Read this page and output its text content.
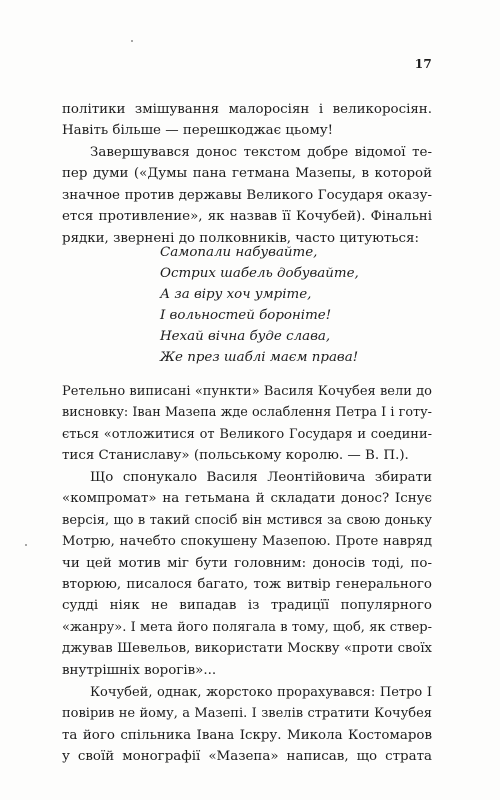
17

політики змішування малоросіян і великоросіян.

Навіть більше — перешкоджає цьому!

Завершувався донос текстом добре відомої те-

пер думи («Думы пана гетмана Мазепы, в которой

значное против державы Великого Государя оказу-

ется противление», як назвав її Кочубей). Фінальні

рядки, звернені до полковників, часто цитуються:

Самопали набувайте,

Острих шабель добувайте,

А за віру хоч умріте,

І вольностей бороніте!

Нехай вічна буде слава,

Же през шаблі маєм права!

Ретельно виписані «пункти» Василя Кочубея вели до

висновку: Іван Мазепа жде ослаблення Петра I і готу-

ється «отложитися от Великого Государя и соедини-

тися Станиславу» (польському королю. — В. П.).

Що спонукало Василя Леонтійовича збирати

«компромат» на гетьмана й складати донос? Існує

версія, що в такий спосіб він мстився за свою доньку

Мотрю, начебто спокушену Мазепою. Проте навряд

чи цей мотив міг бути головним: доносів тоді, по-

вторюю, писалося багато, тож витвір генерального

судді ніяк не випадав із традицїї популярного

«жанру». І мета його полягала в тому, щоб, як ствер-

джував Шевельов, використати Москву «проти своїх

внутрішніх ворогів»...

Кочубей, однак, жорстоко прорахувався: Петро I

повірив не йому, а Мазепі. І звелів стратити Кочубея

та його спільника Івана Іскру. Микола Костомаров

у своїй монографії «Мазепа» написав, що страта
